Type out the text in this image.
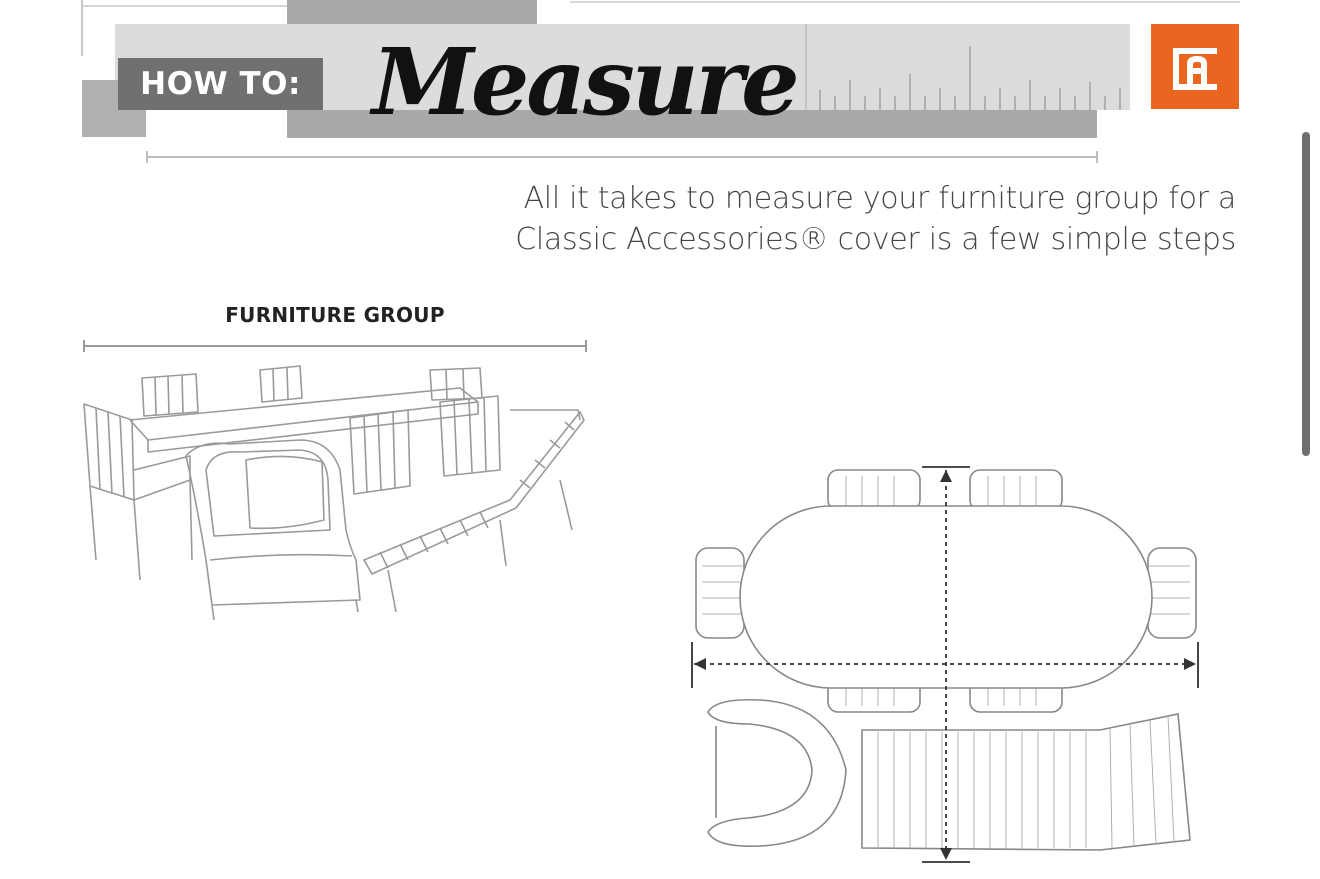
HOW TO: Measure
All it takes to measure your furniture group for a
Classic Accessories® cover is a few simple steps
FURNITURE GROUP
